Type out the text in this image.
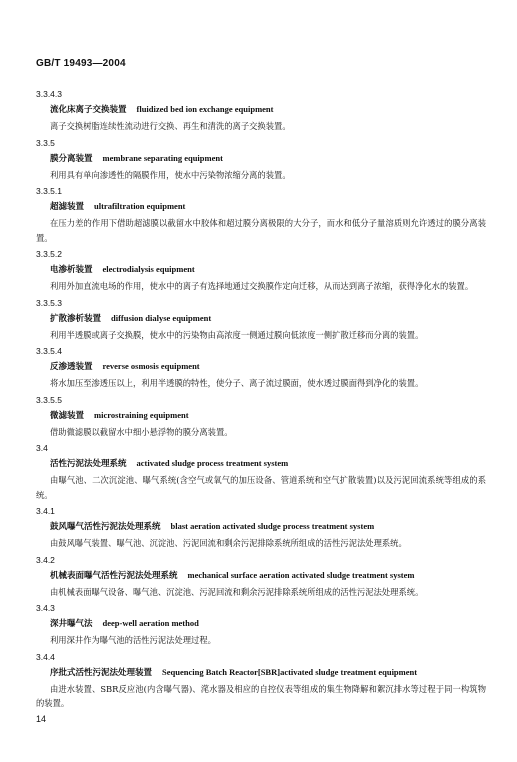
GB/T 19493—2004
3.3.4.3
流化床离子交换装置 fluidized bed ion exchange equipment
离子交换树脂连续性流动进行交换、再生和清洗的离子交换装置。
3.3.5
膜分离装置 membrane separating equipment
利用具有单向渗透性的隔膜作用，使水中污染物浓缩分离的装置。
3.3.5.1
超滤装置 ultrafiltration equipment
在压力差的作用下借助超滤膜以截留水中胶体和超过膜分离极限的大分子，而水和低分子量溶质则允许透过的膜分离装置。
3.3.5.2
电渗析装置 electrodialysis equipment
利用外加直流电场的作用，使水中的离子有选择地通过交换膜作定向迁移，从而达到离子浓缩，获得净化水的装置。
3.3.5.3
扩散渗析装置 diffusion dialyse equipment
利用半透膜或离子交换膜，使水中的污染物由高浓度一侧通过膜向低浓度一侧扩散迁移而分离的装置。
3.3.5.4
反渗透装置 reverse osmosis equipment
将水加压至渗透压以上，利用半透膜的特性，使分子、离子流过膜面，使水透过膜面得到净化的装置。
3.3.5.5
微滤装置 microstraining equipment
借助微滤膜以截留水中细小悬浮物的膜分离装置。
3.4
活性污泥法处理系统 activated sludge process treatment system
由曝气池、二次沉淀池、曝气系统(含空气或氧气的加压设备、管道系统和空气扩散装置)以及污泥回流系统等组成的系统。
3.4.1
鼓风曝气活性污泥法处理系统 blast aeration activated sludge process treatment system
由鼓风曝气装置、曝气池、沉淀池、污泥回流和剩余污泥排除系统所组成的活性污泥法处理系统。
3.4.2
机械表面曝气活性污泥法处理系统 mechanical surface aeration activated sludge treatment system
由机械表面曝气设备、曝气池、沉淀池、污泥回流和剩余污泥排除系统所组成的活性污泥法处理系统。
3.4.3
深井曝气法 deep-well aeration method
利用深井作为曝气池的活性污泥法处理过程。
3.4.4
序批式活性污泥法处理装置 Sequencing Batch Reactor[SBR]activated sludge treatment equipment
由进水装置、SBR反应池(内含曝气器)、滗水器及相应的自控仪表等组成的集生物降解和絮沉排水等过程于同一构筑物的装置。
14
